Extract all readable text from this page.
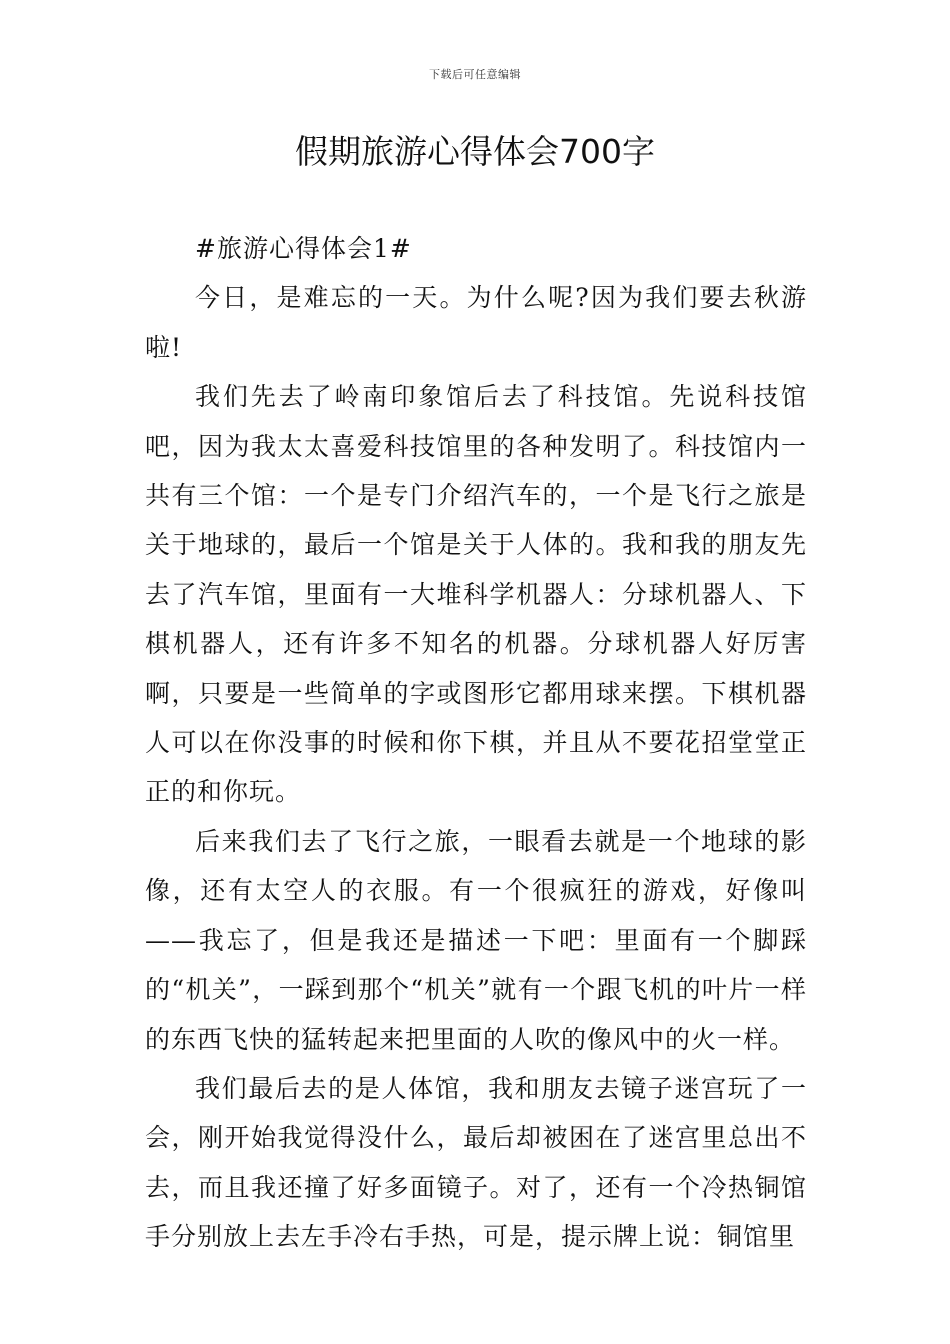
下载后可任意编辑
假期旅游心得体会700字

#旅游心得体会1#

今日，是难忘的一天。为什么呢?因为我们要去秋游啦!

我们先去了岭南印象馆后去了科技馆。先说科技馆吧，因为我太太喜爱科技馆里的各种发明了。科技馆内一共有三个馆：一个是专门介绍汽车的，一个是飞行之旅是关于地球的，最后一个馆是关于人体的。我和我的朋友先去了汽车馆，里面有一大堆科学机器人：分球机器人、下棋机器人，还有许多不知名的机器。分球机器人好厉害啊，只要是一些简单的字或图形它都用球来摆。下棋机器人可以在你没事的时候和你下棋，并且从不要花招堂堂正正的和你玩。

后来我们去了飞行之旅，一眼看去就是一个地球的影像，还有太空人的衣服。有一个很疯狂的游戏，好像叫——我忘了，但是我还是描述一下吧：里面有一个脚踩的“机关”，一踩到那个“机关”就有一个跟飞机的叶片一样的东西飞快的猛转起来把里面的人吹的像风中的火一样。

我们最后去的是人体馆，我和朋友去镜子迷宫玩了一会，刚开始我觉得没什么，最后却被困在了迷宫里总出不去，而且我还撞了好多面镜子。对了，还有一个冷热铜馆手分别放上去左手冷右手热，可是，提示牌上说：铜馆里
